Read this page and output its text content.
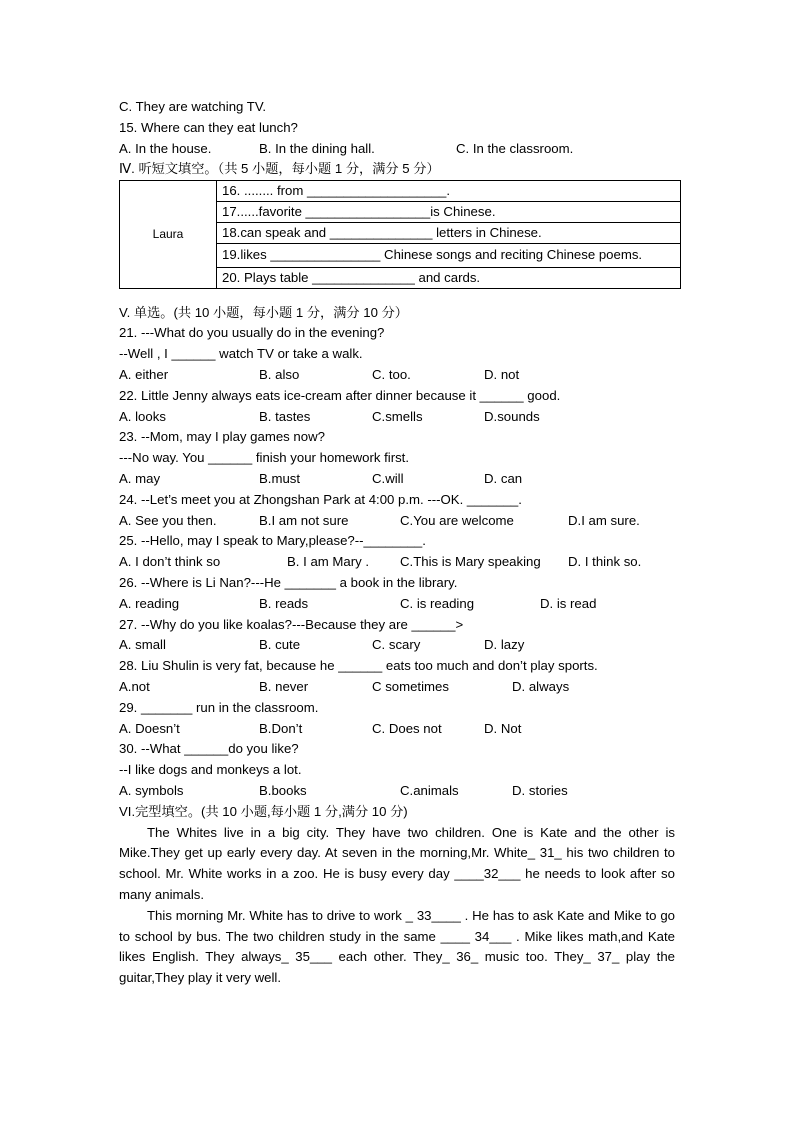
C. They are watching TV.
15. Where can they eat lunch?
A. In the house.	B. In the dining hall.	C. In the classroom.
Ⅳ. 听短文填空。（共 5 小题，每小题 1 分，满分 5 分）
Laura	16. ........ from ___________________.
17......favorite _________________is Chinese.
18.can speak and ______________ letters in Chinese.
19.likes _______________ Chinese songs and reciting Chinese poems.
20. Plays table ______________ and cards.
V. 单选。(共 10 小题，每小题 1 分，满分 10 分）
21. ---What do you usually do in the evening?
--Well , I ______ watch TV or take a walk.
A. either	B. also	C. too.	D. not
22. Little Jenny always eats ice-cream after dinner because it ______ good.
A. looks	B. tastes	C.smells	D.sounds
23. --Mom, may I play games now?
---No way. You ______ finish your homework first.
A. may	B.must	C.will	D. can
24. --Let’s meet you at Zhongshan Park at 4:00 p.m. ---OK. _______.
A. See you then.	B.I am not sure	C.You are welcome	D.I am sure.
25. --Hello, may I speak to Mary,please?--________.
A. I don’t think so	B. I am Mary . C.This is Mary speaking D. I think so.
26. --Where is Li Nan?---He _______ a book in the library.
A. reading	B. reads	C. is reading	D. is read
27. --Why do you like koalas?---Because they are ______>
A. small	B. cute	C. scary	D. lazy
28. Liu Shulin is very fat, because he ______ eats too much and don’t play sports.
A.not	B. never	C sometimes	D. always
29. _______ run in the classroom.
A. Doesn’t	B.Don’t	C. Does not	D. Not
30. --What ______do you like?
--I like dogs and monkeys a lot.
A. symbols	B.books	C.animals	D. stories
VI.完型填空。(共 10 小题,每小题 1 分,满分 10 分)
The Whites live in a big city. They have two children. One is Kate and the other is Mike.They get up early every day. At seven in the morning,Mr. White_ 31_ his two children to school. Mr. White works in a zoo. He is busy every day ____32___ he needs to look after so many animals.
This morning Mr. White has to drive to work _ 33____ . He has to ask Kate and Mike to go to school by bus. The two children study in the same ____ 34___ . Mike likes math,and Kate likes English. They always_ 35___ each other. They_ 36_ music too. They_ 37_ play the guitar,They play it very well.
